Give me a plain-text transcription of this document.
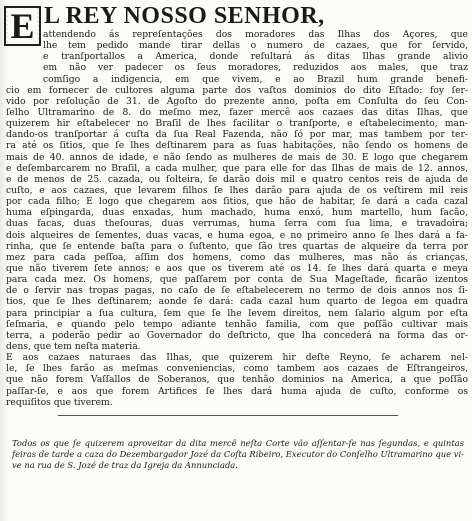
E L REY NOSSO SENHOR,
attendendo ás repreſentações dos moradores das Ilhas dos Açores, que
lhe tem pedido mande tirar dellas o numero de cazaes, que for ſervido,
e tranſportallos a America, donde reſultará ás ditas Ilhas grande alivio
em não ver padecer os ſeus moradores, reduzidos aos males, que traz
comſigo a indigencia, em que vivem, e ao Brazil hum grande benefi-
cio em fornecer de cultores alguma parte dos vaſtos dominios do dito Eſtado: foy ſer-
vido por reſolução de 31. de Agoſto do prezente anno, poſta em Conſulta do ſeu Con-
ſelho Ultramarino de 8. do meſmo mez, fazer mercê aos cazaes das ditas Ilhas, que
quizerem hir eſtabelecer no Braſil de lhes facilitar o tranſporte, e eſtabelecimento, man-
dando-os tranſportar á cuſta da ſua Real Fazenda, não ſó por mar, mas tambem por ter-
ra até os ſitios, que ſe lhes deſtinarem para as ſuas habitações, não ſendo os homens de
mais de 40. annos de idade, e não ſendo as mulheres de mais de 30. E logo que chegarem
e deſembarcarem no Braſil, a cada mulher, que para elle for das Ilhas de mais de 12. annos,
e de menos de 25. cazada, ou ſolteira, ſe darão dois mil e quatro centos reis de ajuda de
cuſto, e aos cazaes, que levarem filhos ſe lhes darão para ajuda de os veſtirem mil reis
por cada filho; E logo que chegarem aos ſitios, que hão de habitar, ſe dará a cada cazal
huma eſpingarda, duas enxadas, hum machado, huma enxó, hum martello, hum facão,
duas facas, duas theſouras, duas verrumas, huma ſerra com ſua lima, e travadoira;
dois alqueires de ſementes, duas vacas, e huma egoa, e no primeiro anno ſe lhes dará a fa-
rinha, que ſe entende baſta para o ſuſtento, que ſão tres quartas de alqueire da terra por
mez para cada peſſoa, aſſim dos homens, como das mulheres, mas não ás crianças,
que não tiverem ſete annos; e aos que os tiverem até os 14. ſe lhes dará quarta e meya
para cada mez. Os homens, que paſſarem por conta de Sua Mageſtade, ficarão izentos
de o ſervir nas tropas pagas, no caſo de ſe eſtabelecerem no termo de dois annos nos ſi-
tios, que ſe lhes deſtinarem; aonde ſe dará: cada cazal hum quarto de legoa em quadra
para principiar a ſua cultura, ſem que ſe lhe levem direitos, nem ſalario algum por eſta
ſeſmaria, e quando pelo tempo adiante tenhão familia, com que poſſão cultivar mais
terra, a poderão pedir ao Governador do deſtricto, que lha concederá na forma das or-
dens, que tem neſta materia.
E aos cazaes naturaes das Ilhas, que quizerem hir deſte Reyno, ſe acharem nel-
le, ſe lhes farão as meſmas conveniencias, como tambem aos cazaes de Eſtrangeiros,
que não forem Vaſſallos de Soberanos, que tenhão dominios na America, a que poſſão
paſſar-ſe, e aos que forem Artifices ſe lhes dará huma ajuda de cuſto, conforme os
requiſitos que tiverem.
Todos os que ſe quizerem aproveitar da dita mercê neſta Corte vão aſſentar-ſe nas ſegundas, e quintas
feiras de tarde a caza do Dezembargador Jozé da Coſta Ribeiro, Executor do Conſelho Ultramarino que vi-
ve na rua de S. Jozé de traz da Igreja da Annunciada.
